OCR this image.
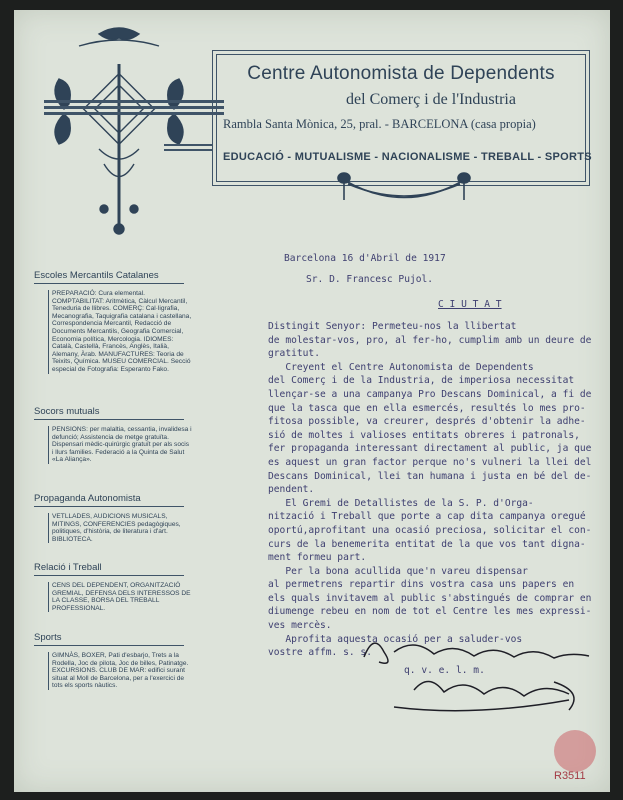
Centre Autonomista de Dependents
del Comerç i de l'Industria
Rambla Santa Mònica, 25, pral. - BARCELONA (casa propia)
EDUCACIÓ - MUTUALISME - NACIONALISME - TREBALL - SPORTS
Escoles Mercantils Catalanes
PREPARACIÓ: Cura elemental. COMPTABILITAT: Aritmètica, Càlcul Mercantil, Teneduria de llibres. COMERÇ: Cal·ligrafia, Mecanografia, Taquigrafia catalana i castellana, Correspondencia Mercantil, Redacció de Documents Mercantils, Geografia Comercial, Economia política, Mercologia. IDIOMES: Català, Castellà, Francès, Anglès, Italià, Alemany, Àrab. MANUFACTURES: Teoria de Teixits, Química. MUSEU COMERCIAL. Secció especial de Fotografia: Esperanto Fako.
Socors mutuals
PENSIONS: per malaltia, cessantia, invalidesa i defunció; Assistencia de metge gratuïta. Dispensari mèdic-quirúrgic gratuït per als socis i llurs families. Federació a la Quinta de Salut «La Aliança».
Propaganda Autonomista
VETLLADES, AUDICIONS MUSICALS, MITINGS, CONFERENCIES pedagògiques, politiques, d'història, de literatura i d'art. BIBLIOTECA.
Relació i Treball
CENS DEL DEPENDENT, ORGANITZACIÓ GREMIAL, DEFENSA DELS INTERESSOS DE LA CLASSE, BORSA DEL TREBALL PROFESSIONAL.
Sports
GIMNÀS, BOXER, Pati d'esbarjo, Trets a la Rodella, Joc de pilota, Joc de billes, Patinatge. EXCURSIONS. CLUB DE MAR: edifici surant situat al Moll de Barcelona, per a l'exercici de tots els sports nàutics.
Barcelona 16 d'Abril de 1917
Sr. D. Francesc Pujol.
C I U T A T
Distingit Senyor: Permeteu-nos la llibertat
de molestar-vos, pro, al fer-ho, cumplim amb un deure de
gratitut.
Creyent el Centre Autonomista de Dependents
del Comerç i de la Industria, de imperiosa necessitat
llençar-se a una campanya Pro Descans Dominical, a fi de
que la tasca que en ella esmercés, resultés lo mes pro-
fitosa possible, va creurer, després d'obtenir la adhe-
sió de moltes i valioses entitats obreres i patronals,
fer propaganda interessant directament al public, ja que
es aquest un gran factor perque no's vulneri la llei del
Descans Dominical, llei tan humana i justa en bé del de-
pendent.
El Gremi de Detallistes de la S. P. d'Orga-
nització i Treball que porte a cap dita campanya oregué
oportú,aprofitant una ocasió preciosa, solicitar el con-
curs de la benemerita entitat de la que vos tant digna-
ment formeu part.
Per la bona acullida que'n vareu dispensar
al permetrens repartir dins vostra casa uns papers en
els quals invitavem al public s'abstingués de comprar en
diumenge rebeu en nom de tot el Centre les mes expressi-
ves mercès.
Aprofita aquesta ocasió per a saluder-vos
vostre affm. s. s.
q. v. e. l. m.
R3511
